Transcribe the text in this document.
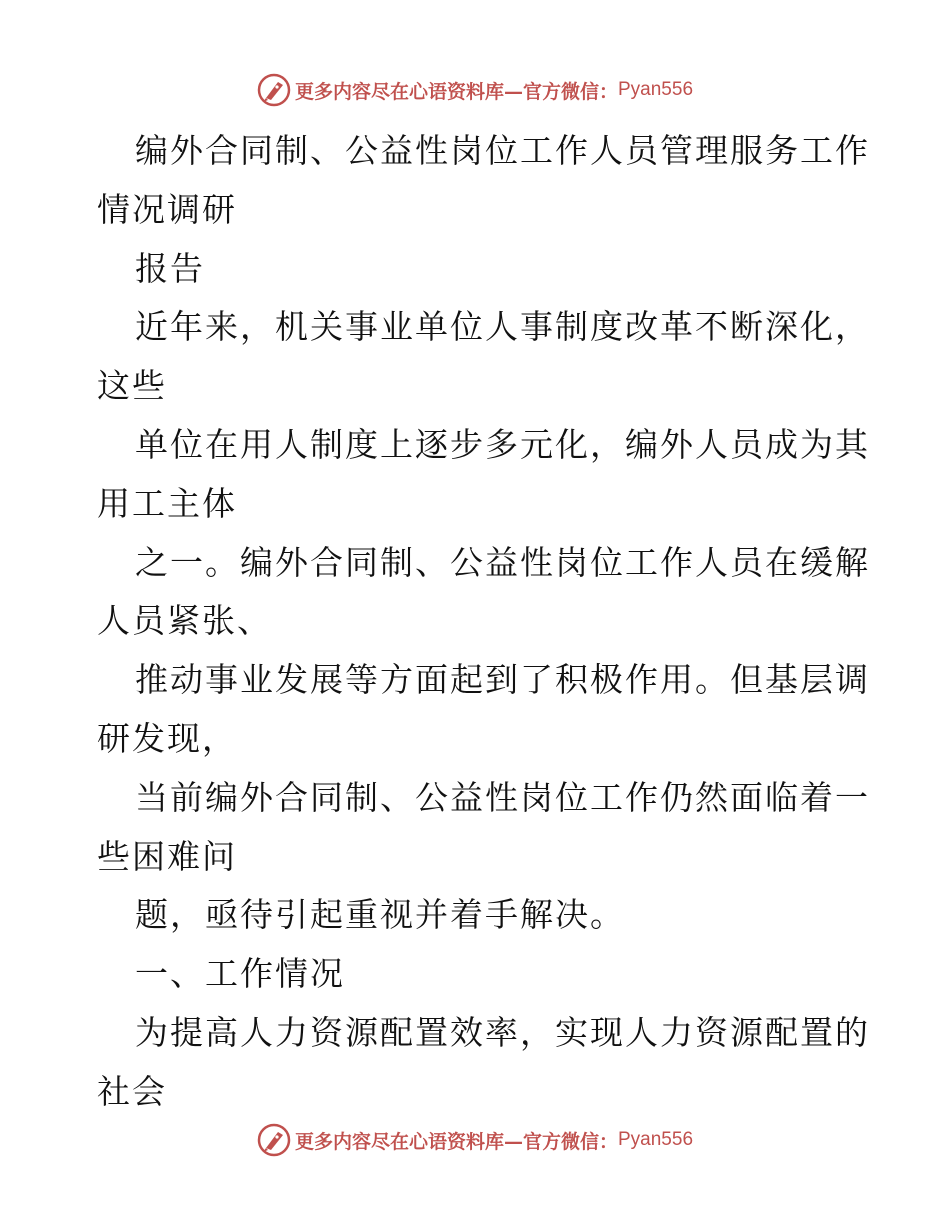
更多内容尽在心语资料库—官方微信： Pyan556
编外合同制、公益性岗位工作人员管理服务工作
情况调研
报告
近年来，机关事业单位人事制度改革不断深化，
这些
单位在用人制度上逐步多元化，编外人员成为其
用工主体
之一。编外合同制、公益性岗位工作人员在缓解
人员紧张、
推动事业发展等方面起到了积极作用。但基层调
研发现，
当前编外合同制、公益性岗位工作仍然面临着一
些困难问
题，亟待引起重视并着手解决。
一、工作情况
为提高人力资源配置效率，实现人力资源配置的
社会
更多内容尽在心语资料库—官方微信： Pyan556
